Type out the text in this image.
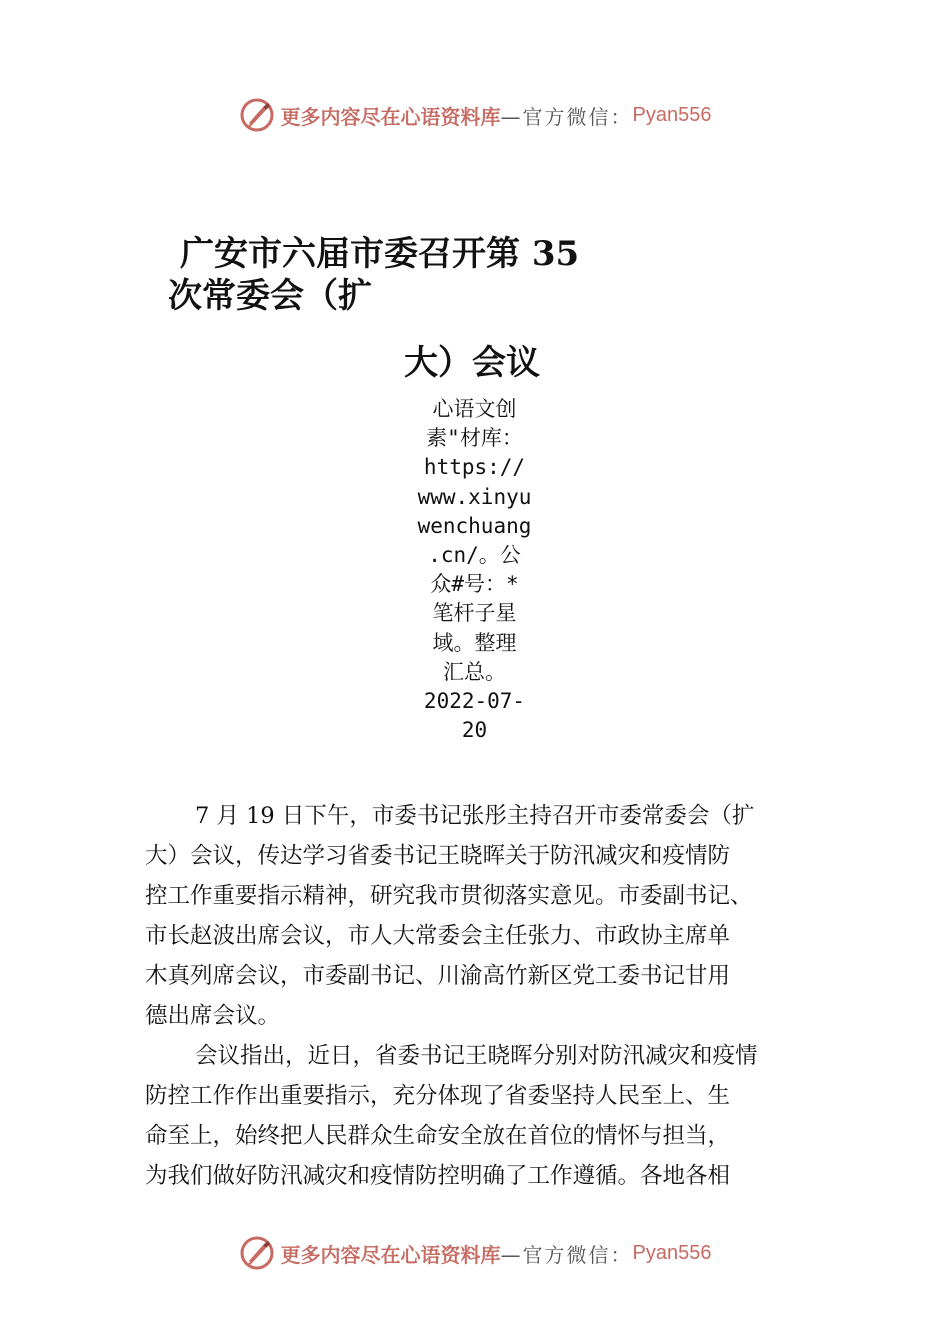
更多内容尽在心语资料库 —官方微信： Pyan556
广安市六届市委召开第 35
次常委会（扩
大）会议
心语文创
素"材库：
https://
www.xinyu
wenchuang
.cn/。公
众#号：*
笔杆子星
域。整理
汇总。
2022-07-
20
7 月 19 日下午，市委书记张彤主持召开市委常委会（扩
大）会议，传达学习省委书记王晓晖关于防汛减灾和疫情防
控工作重要指示精神，研究我市贯彻落实意见。市委副书记、
市长赵波出席会议，市人大常委会主任张力、市政协主席单
木真列席会议，市委副书记、川渝高竹新区党工委书记甘用
德出席会议。
会议指出，近日，省委书记王晓晖分别对防汛减灾和疫情
防控工作作出重要指示，充分体现了省委坚持人民至上、生
命至上，始终把人民群众生命安全放在首位的情怀与担当，
为我们做好防汛减灾和疫情防控明确了工作遵循。各地各相
更多内容尽在心语资料库 —官方微信： Pyan556
